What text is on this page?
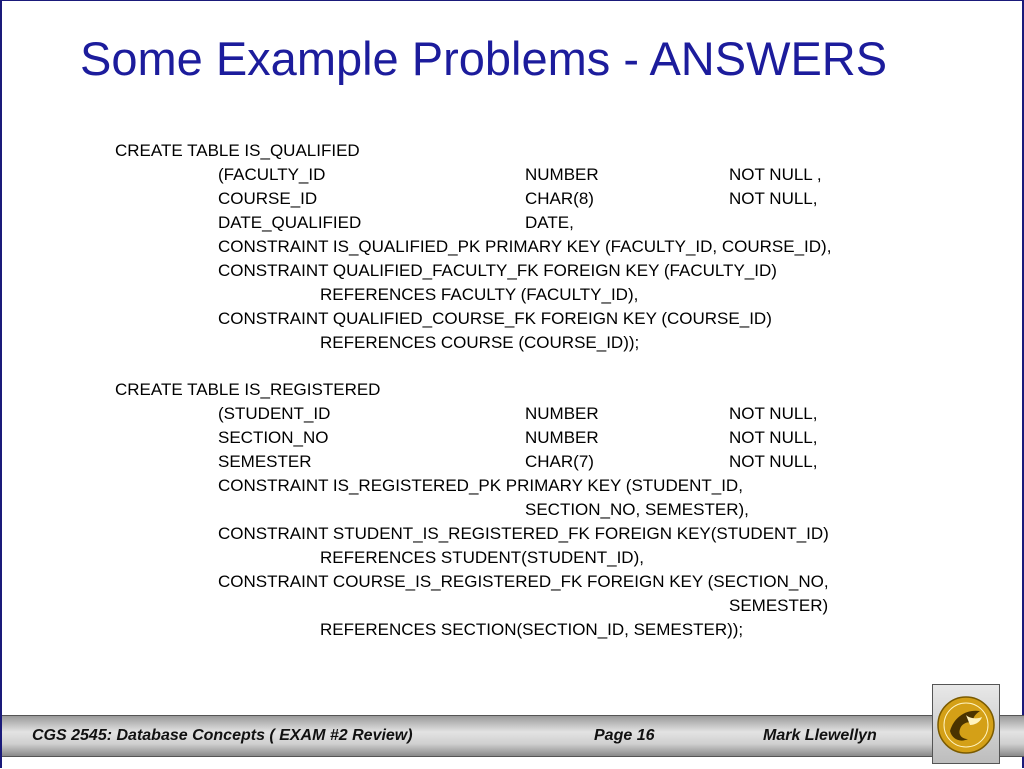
Some Example Problems - ANSWERS
CREATE TABLE IS_QUALIFIED
(FACULTY_ID	NUMBER	NOT NULL ,
COURSE_ID	CHAR(8)	NOT NULL,
DATE_QUALIFIED	DATE,
CONSTRAINT IS_QUALIFIED_PK PRIMARY KEY (FACULTY_ID, COURSE_ID),
CONSTRAINT QUALIFIED_FACULTY_FK FOREIGN KEY (FACULTY_ID)
REFERENCES FACULTY (FACULTY_ID),
CONSTRAINT QUALIFIED_COURSE_FK FOREIGN KEY (COURSE_ID)
REFERENCES COURSE (COURSE_ID));
CREATE TABLE IS_REGISTERED
(STUDENT_ID	NUMBER	NOT NULL,
SECTION_NO	NUMBER	NOT NULL,
SEMESTER	CHAR(7)	NOT NULL,
CONSTRAINT IS_REGISTERED_PK PRIMARY KEY (STUDENT_ID,
SECTION_NO, SEMESTER),
CONSTRAINT STUDENT_IS_REGISTERED_FK FOREIGN KEY(STUDENT_ID)
REFERENCES STUDENT(STUDENT_ID),
CONSTRAINT COURSE_IS_REGISTERED_FK FOREIGN KEY (SECTION_NO,
SEMESTER)
REFERENCES SECTION(SECTION_ID, SEMESTER));
CGS 2545: Database Concepts ( EXAM #2 Review)	Page 16	Mark Llewellyn
